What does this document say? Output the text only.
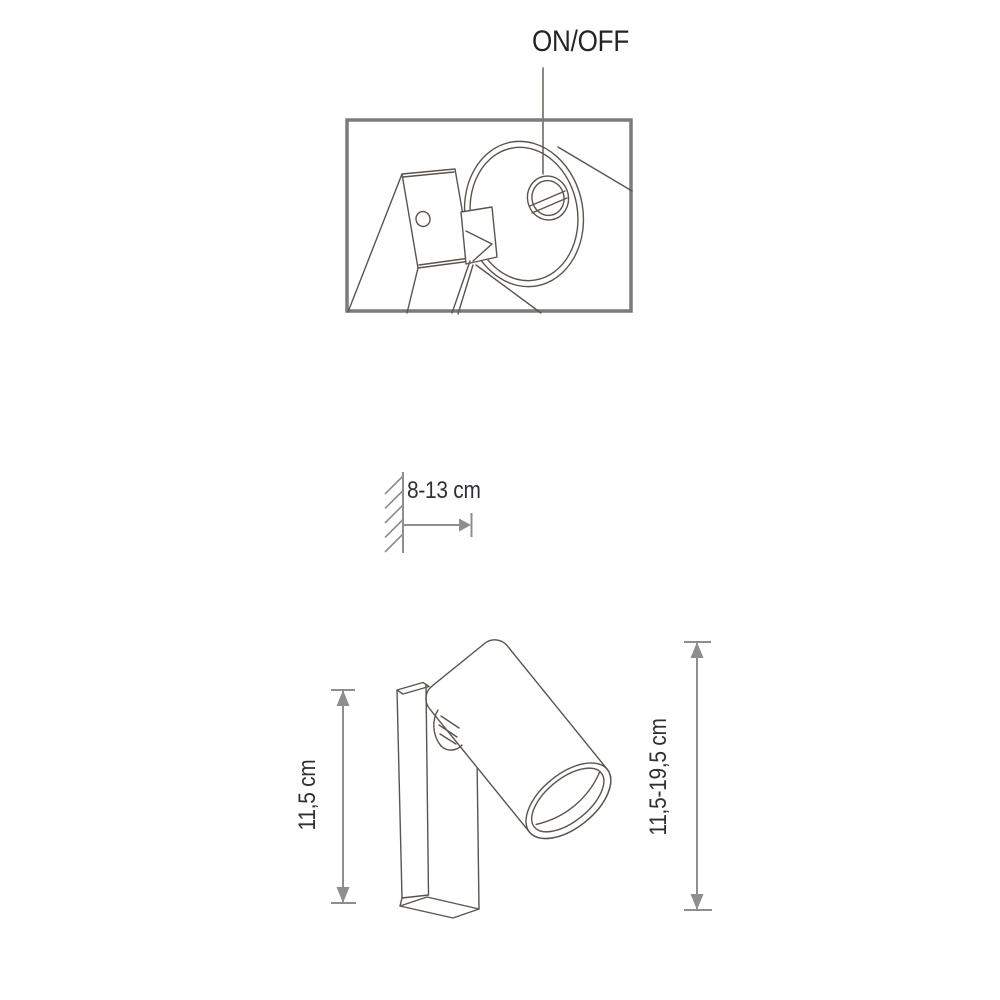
ON/OFF
8-13 cm
11,5 cm	11,5-19,5 cm
